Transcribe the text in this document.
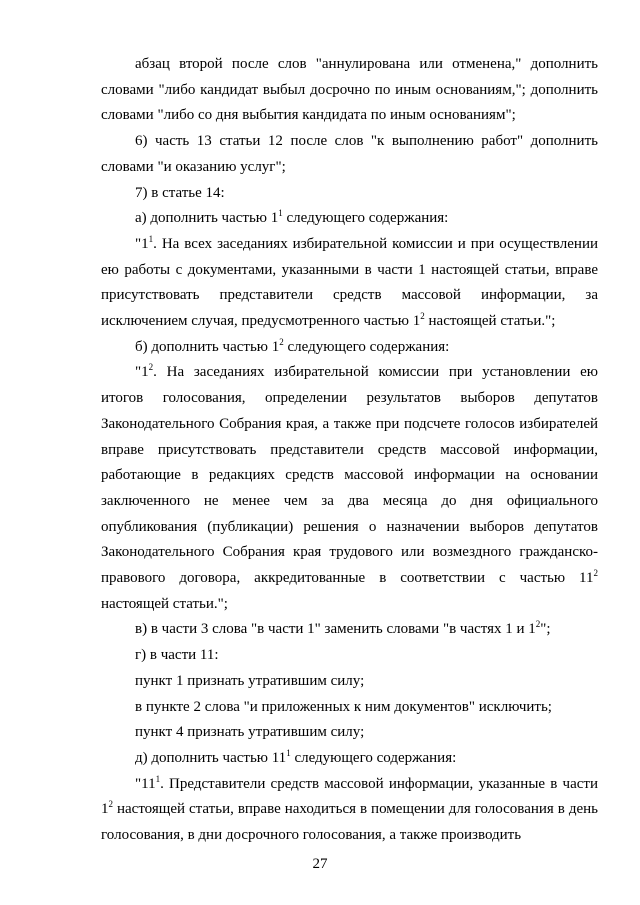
абзац второй после слов "аннулирована или отменена," дополнить словами "либо кандидат выбыл досрочно по иным основаниям,"; дополнить словами "либо со дня выбытия кандидата по иным основаниям";

6) часть 13 статьи 12 после слов "к выполнению работ" дополнить словами "и оказанию услуг";

7) в статье 14:

а) дополнить частью $1^1$ следующего содержания:

"$1^1$. На всех заседаниях избирательной комиссии и при осуществлении ею работы с документами, указанными в части 1 настоящей статьи, вправе присутствовать представители средств массовой информации, за исключением случая, предусмотренного частью $1^2$ настоящей статьи.";

б) дополнить частью $1^2$ следующего содержания:

"$1^2$. На заседаниях избирательной комиссии при установлении ею итогов голосования, определении результатов выборов депутатов Законодательного Собрания края, а также при подсчете голосов избирателей вправе присутствовать представители средств массовой информации, работающие в редакциях средств массовой информации на основании заключенного не менее чем за два месяца до дня официального опубликования (публикации) решения о назначении выборов депутатов Законодательного Собрания края трудового или возмездного гражданско-правового договора, аккредитованные в соответствии с частью $11^2$ настоящей статьи.";

в) в части 3 слова "в части 1" заменить словами "в частях 1 и $1^2$";

г) в части 11:

пункт 1 признать утратившим силу;

в пункте 2 слова "и приложенных к ним документов" исключить;

пункт 4 признать утратившим силу;

д) дополнить частью $11^1$ следующего содержания:

"$11^1$. Представители средств массовой информации, указанные в части $1^2$ настоящей статьи, вправе находиться в помещении для голосования в день голосования, в дни досрочного голосования, а также производить

27
